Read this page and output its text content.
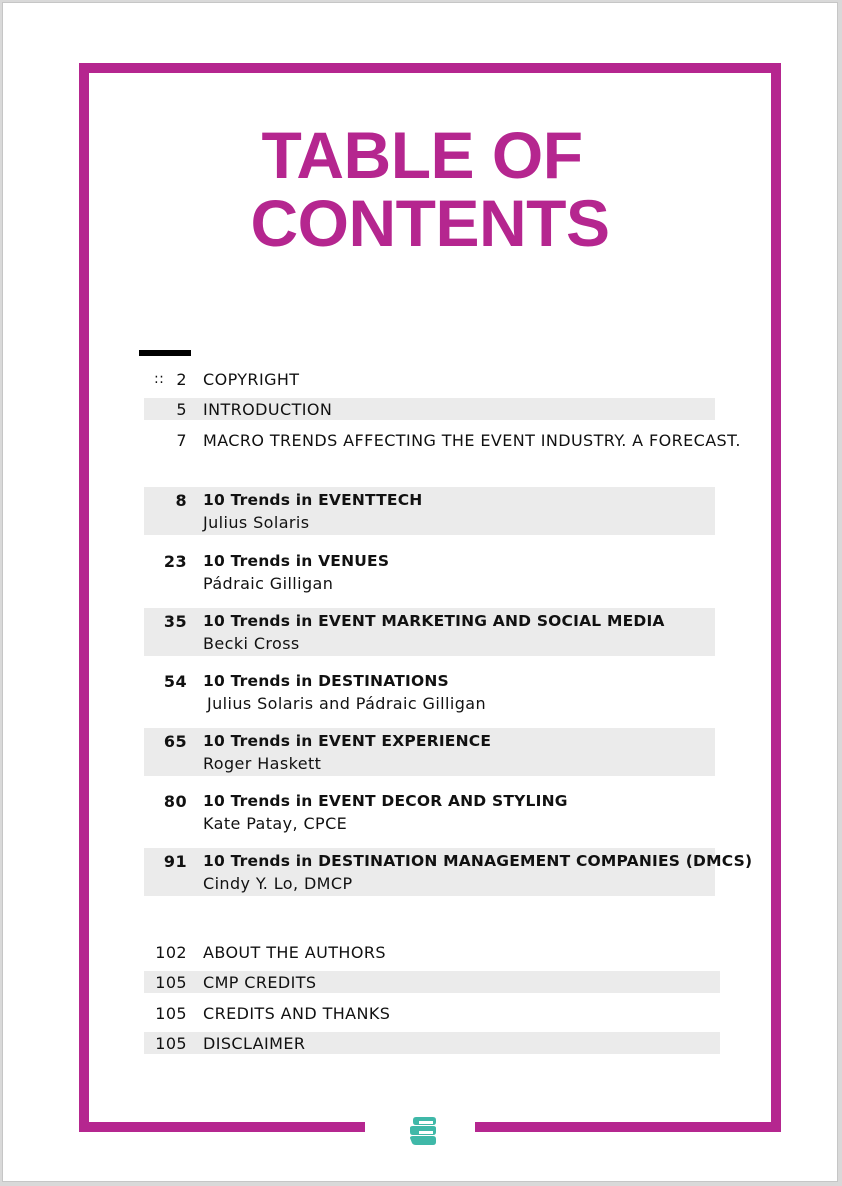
TABLE OF
CONTENTS
:: 2 COPYRIGHT
5 INTRODUCTION
7 MACRO TRENDS AFFECTING THE EVENT INDUSTRY. A FORECAST.
8 10 Trends in EVENTTECH
Julius Solaris
23 10 Trends in VENUES
Pádraic Gilligan
35 10 Trends in EVENT MARKETING AND SOCIAL MEDIA
Becki Cross
54 10 Trends in DESTINATIONS
Julius Solaris and Pádraic Gilligan
65 10 Trends in EVENT EXPERIENCE
Roger Haskett
80 10 Trends in EVENT DECOR AND STYLING
Kate Patay, CPCE
91 10 Trends in DESTINATION MANAGEMENT COMPANIES (DMCS)
Cindy Y. Lo, DMCP
102 ABOUT THE AUTHORS
105 CMP CREDITS
105 CREDITS AND THANKS
105 DISCLAIMER
